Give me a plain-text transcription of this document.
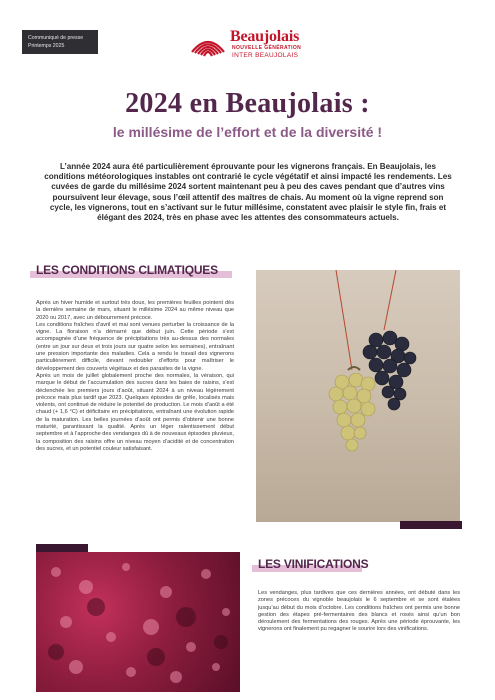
Communiqué de presse
Printemps 2025
Beaujolais
NOUVELLE GÉNÉRATION
INTER BEAUJOLAIS
2024 en Beaujolais :
le millésime de l’effort et de la diversité !
L’année 2024 aura été particulièrement éprouvante pour les vignerons français. En Beaujolais, les conditions météorologiques instables ont contrarié le cycle végétatif et ainsi impacté les rendements. Les cuvées de garde du millésime 2024 sortent maintenant peu à peu des caves pendant que d’autres vins poursuivent leur élevage, sous l’œil attentif des maîtres de chais. Au moment où la vigne reprend son cycle, les vignerons, tout en s’activant sur le futur millésime, constatent avec plaisir le style fin, frais et élégant des 2024, très en phase avec les attentes des consommateurs actuels.
LES CONDITIONS CLIMATIQUES

Après un hiver humide et surtout très doux, les premières feuilles pointent dès la dernière semaine de mars, situant le millésime 2024 au même niveau que 2020 ou 2017, avec un débourrement précoce.

Les conditions fraîches d’avril et mai sont venues perturber la croissance de la vigne. La floraison n’a démarré que début juin. Cette période s’est accompagnée d’une fréquence de précipitations très au-dessus des normales (entre un jour sur deux et trois jours sur quatre selon les semaines), entraînant une pression importante des maladies. Cela a rendu le travail des vignerons particulièrement difficile, devant redoubler d’efforts pour maîtriser le développement des couverts végétaux et des parasites de la vigne.

Après un mois de juillet globalement proche des normales, la véraison, qui marque le début de l’accumulation des sucres dans les baies de raisins, s’est déclenchée les premiers jours d’août, situant 2024 à un niveau légèrement précoce mais plus tardif que 2023. Quelques épisodes de grêle, localisés mais violents, ont continué de réduire le potentiel de production. Le mois d’août a été chaud (+ 1,6 °C) et déficitaire en précipitations, entraînant une évolution rapide de la maturation. Les belles journées d’août ont permis d’obtenir une bonne maturité, garantissant la qualité. Après un léger ralentissement début septembre et à l’approche des vendanges dû à de nouveaux épisodes pluvieux, la composition des raisins offre un niveau moyen d’acidité et de concentration des sucres, et un potentiel couleur satisfaisant.

LES VINIFICATIONS

Les vendanges, plus tardives que ces dernières années, ont débuté dans les zones précoces du vignoble beaujolais le 6 septembre et se sont étalées jusqu’au début du mois d’octobre. Les conditions fraîches ont permis une bonne gestion des étapes pré-fermentaires des blancs et rosés ainsi qu’un bon déroulement des fermentations des rouges. Après une période éprouvante, les vignerons ont finalement pu regagner le sourire lors des vinifications.
